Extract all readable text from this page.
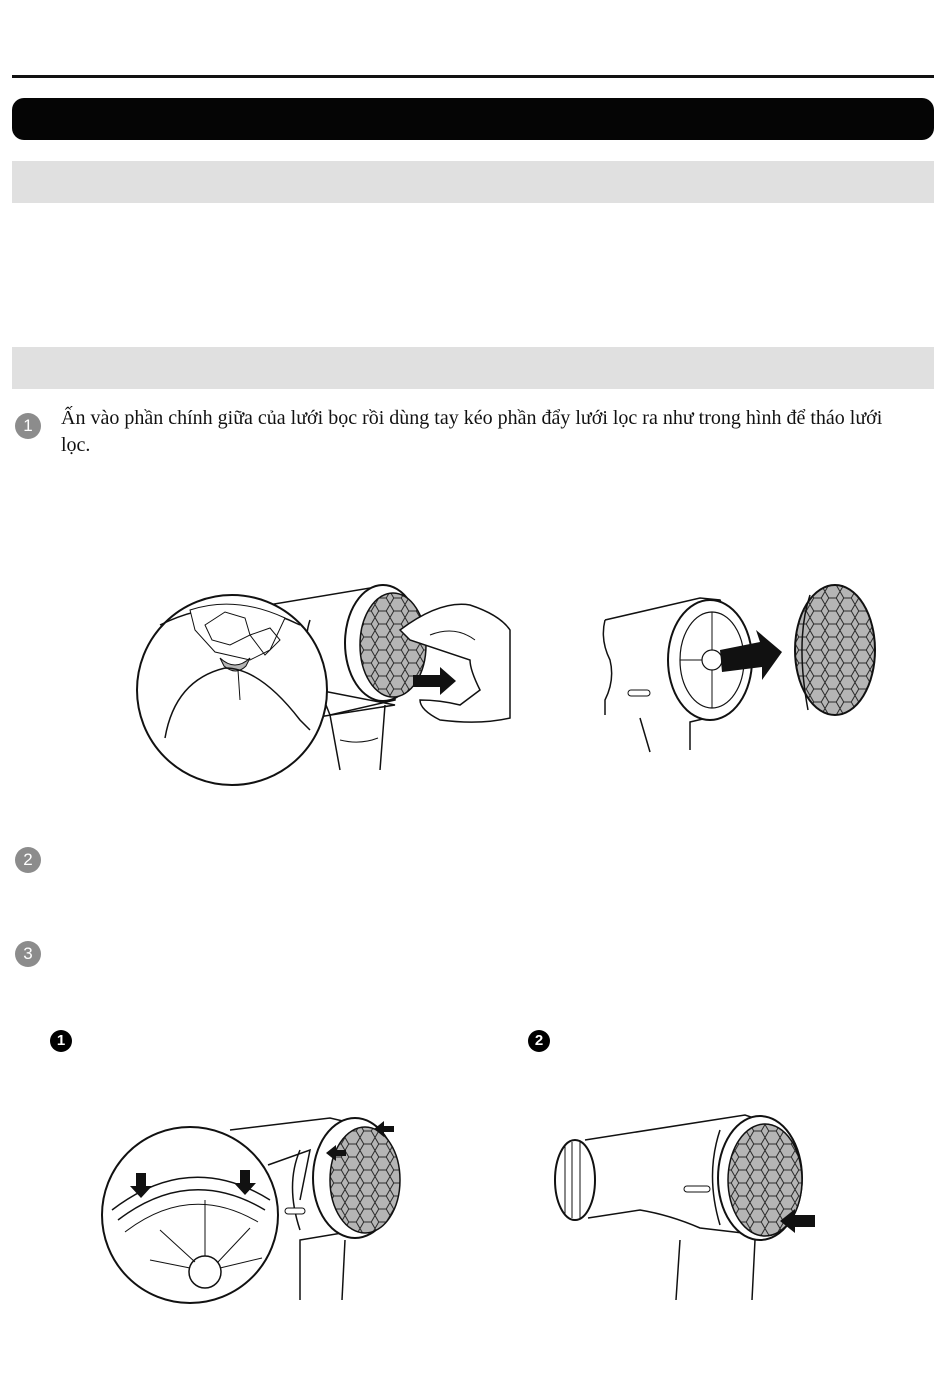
1	Ấn vào phần chính giữa của lưới bọc rồi dùng tay kéo phần đẩy lưới lọc ra như trong hình để tháo lưới lọc.
2
3
1	2
